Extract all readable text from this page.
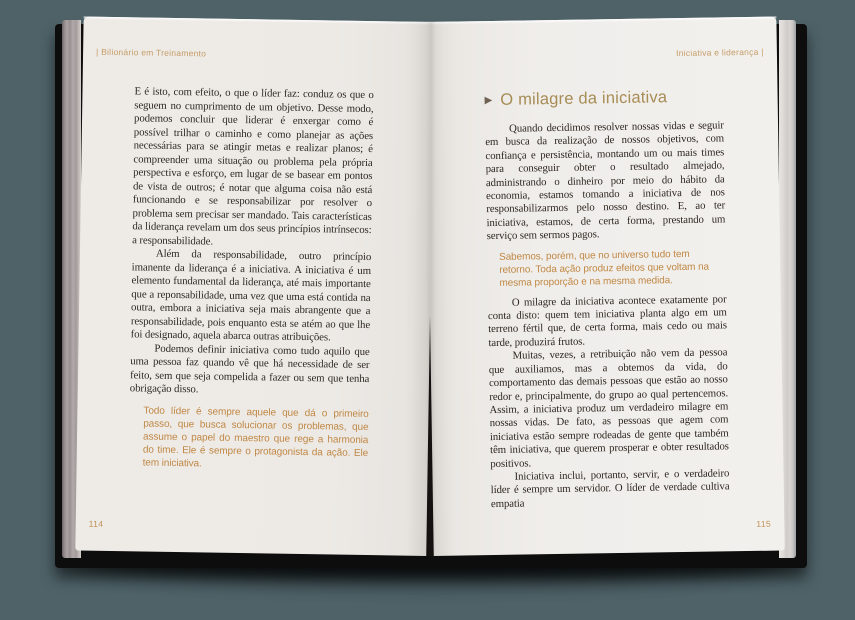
| Bilionário em Treinamento

E é isto, com efeito, o que o líder faz: conduz os que o seguem no cumprimento de um objetivo. Desse modo, podemos concluir que liderar é enxergar como é possível trilhar o caminho e como planejar as ações necessárias para se atingir metas e realizar planos; é compreender uma situação ou problema pela própria perspectiva e esforço, em lugar de se basear em pontos de vista de outros; é notar que alguma coisa não está funcionando e se responsabilizar por resolver o problema sem precisar ser mandado. Tais características da liderança revelam um dos seus princípios intrínsecos: a responsabilidade.

Além da responsabilidade, outro princípio imanente da liderança é a iniciativa. A iniciativa é um elemento fundamental da liderança, até mais importante que a reponsabilidade, uma vez que uma está contida na outra, embora a iniciativa seja mais abrangente que a responsabilidade, pois enquanto esta se atém ao que lhe foi designado, aquela abarca outras atribuições.

Podemos definir iniciativa como tudo aquilo que uma pessoa faz quando vê que há necessidade de ser feito, sem que seja compelida a fazer ou sem que tenha obrigação disso.

Todo líder é sempre aquele que dá o primeiro passo, que busca solucionar os problemas, que assume o papel do maestro que rege a harmonia do time. Ele é sempre o protagonista da ação. Ele tem iniciativa.
114
Iniciativa e liderança |
▶ O milagre da iniciativa

Quando decidimos resolver nossas vidas e seguir em busca da realização de nossos objetivos, com confiança e persistência, montando um ou mais times para conseguir obter o resultado almejado, administrando o dinheiro por meio do hábito da economia, estamos tomando a iniciativa de nos responsabilizarmos pelo nosso destino. E, ao ter iniciativa, estamos, de certa forma, prestando um serviço sem sermos pagos.

Sabemos, porém, que no universo tudo tem retorno. Toda ação produz efeitos que voltam na mesma proporção e na mesma medida.

O milagre da iniciativa acontece exatamente por conta disto: quem tem iniciativa planta algo em um terreno fértil que, de certa forma, mais cedo ou mais tarde, produzirá frutos.

Muitas, vezes, a retribuição não vem da pessoa que auxiliamos, mas a obtemos da vida, do comportamento das demais pessoas que estão ao nosso redor e, principalmente, do grupo ao qual pertencemos. Assim, a iniciativa produz um verdadeiro milagre em nossas vidas. De fato, as pessoas que agem com iniciativa estão sempre rodeadas de gente que também têm iniciativa, que querem prosperar e obter resultados positivos.

Iniciativa inclui, portanto, servir, e o verdadeiro líder é sempre um servidor. O líder de verdade cultiva empatia

115
